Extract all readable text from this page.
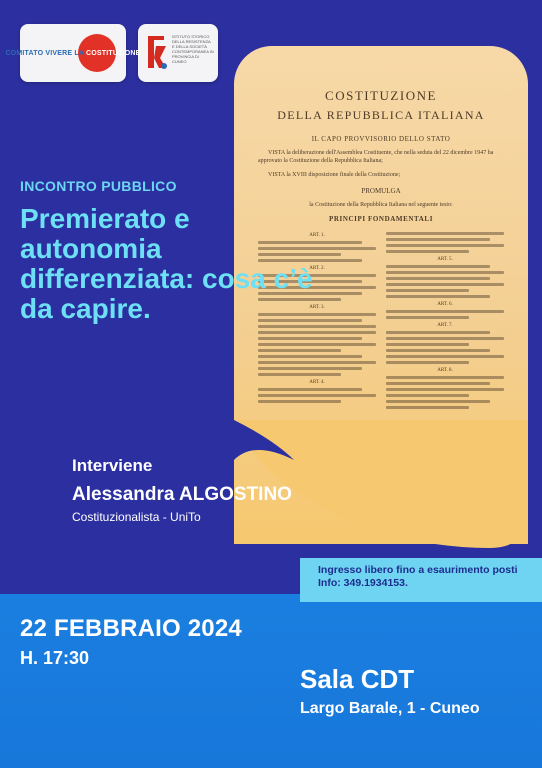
COMITATO VIVERE LA COSTITUZIONE
ISTITUTO STORICO DELLA RESISTENZA E DELLA SOCIETÀ CONTEMPORANEA IN PROVINCIA DI CUNEO
COSTITUZIONE
DELLA REPUBBLICA ITALIANA
IL CAPO PROVVISORIO DELLO STATO
VISTA la deliberazione dell'Assemblea Costituente, che nella seduta del 22 dicembre 1947 ha approvato la Costituzione della Repubblica Italiana;
VISTA la XVIII disposizione finale della Costituzione;
PROMULGA
la Costituzione della Repubblica Italiana nel seguente testo:
PRINCIPI FONDAMENTALI
ART. 1.
ART. 2.
ART. 3.
ART. 4.
ART. 5.
ART. 6.
ART. 7.
ART. 8.
INCONTRO PUBBLICO
Premierato e autonomia differenziata: cosa c’è da capire.
Interviene
Alessandra ALGOSTINO
Costituzionalista - UniTo
Ingresso libero fino a esaurimento posti
Info: 349.1934153.
22 FEBBRAIO 2024
H. 17:30
Sala CDT
Largo Barale, 1 - Cuneo
